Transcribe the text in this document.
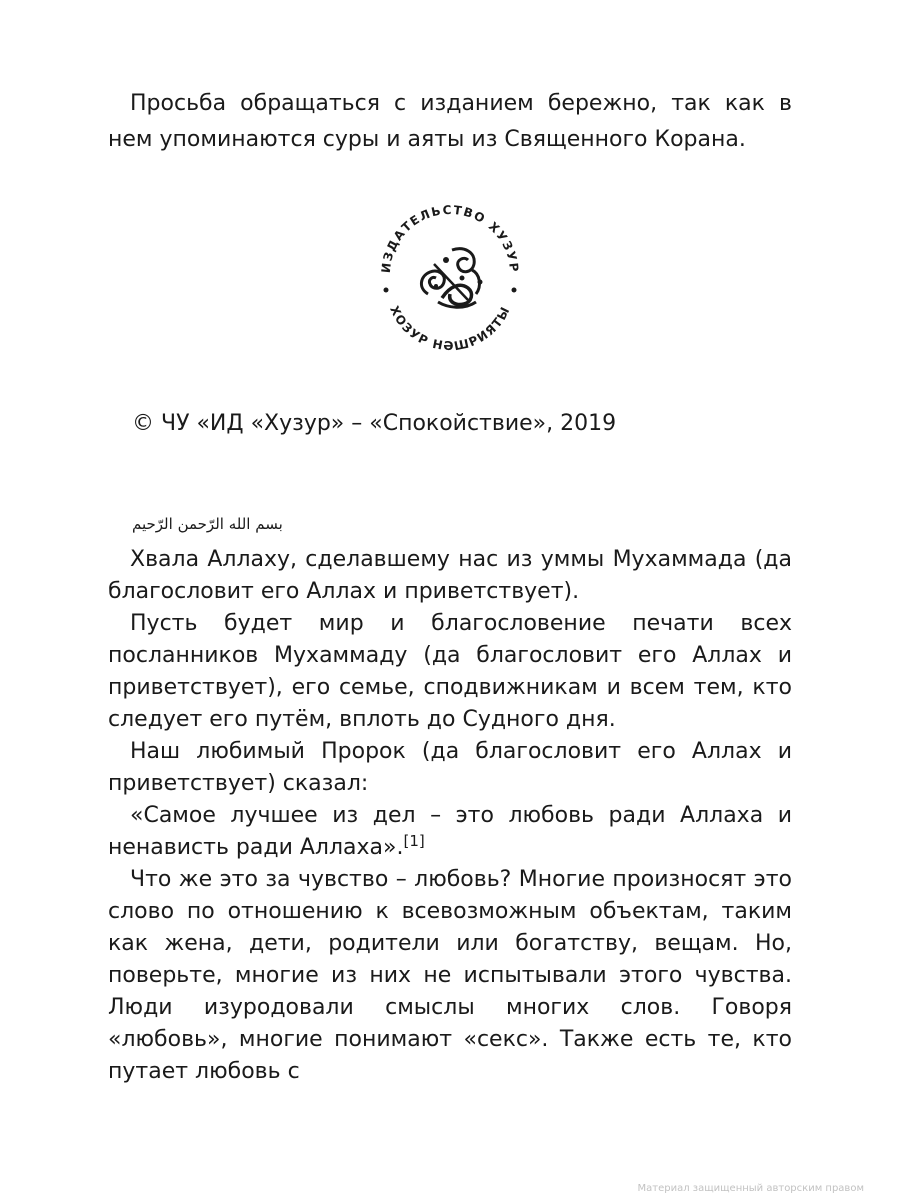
Просьба обращаться с изданием бережно, так как в нем упоминаются суры и аяты из Священного Корана.

ИЗДАТЕЛЬСТВО ХУЗУР
ХОЗУР НӘШРИЯТЫ

© ЧУ «ИД «Хузур» – «Спокойствие», 2019

بسم الله الرّحمن الرّحيم

Хвала Аллаху, сделавшему нас из уммы Мухаммада (да благословит его Аллах и приветствует).

Пусть будет мир и благословение печати всех посланников Мухаммаду (да благословит его Аллах и приветствует), его семье, сподвижникам и всем тем, кто следует его путём, вплоть до Судного дня.

Наш любимый Пророк (да благословит его Аллах и приветствует) сказал:

«Самое лучшее из дел – это любовь ради Аллаха и ненависть ради Аллаха».[1]

Что же это за чувство – любовь? Многие произносят это слово по отношению к всевозможным объектам, таким как жена, дети, родители или богатству, вещам. Но, поверьте, многие из них не испытывали этого чувства. Люди изуродовали смыслы многих слов. Говоря «любовь», многие понимают «секс». Также есть те, кто путает любовь с

Материал защищенный авторским правом
